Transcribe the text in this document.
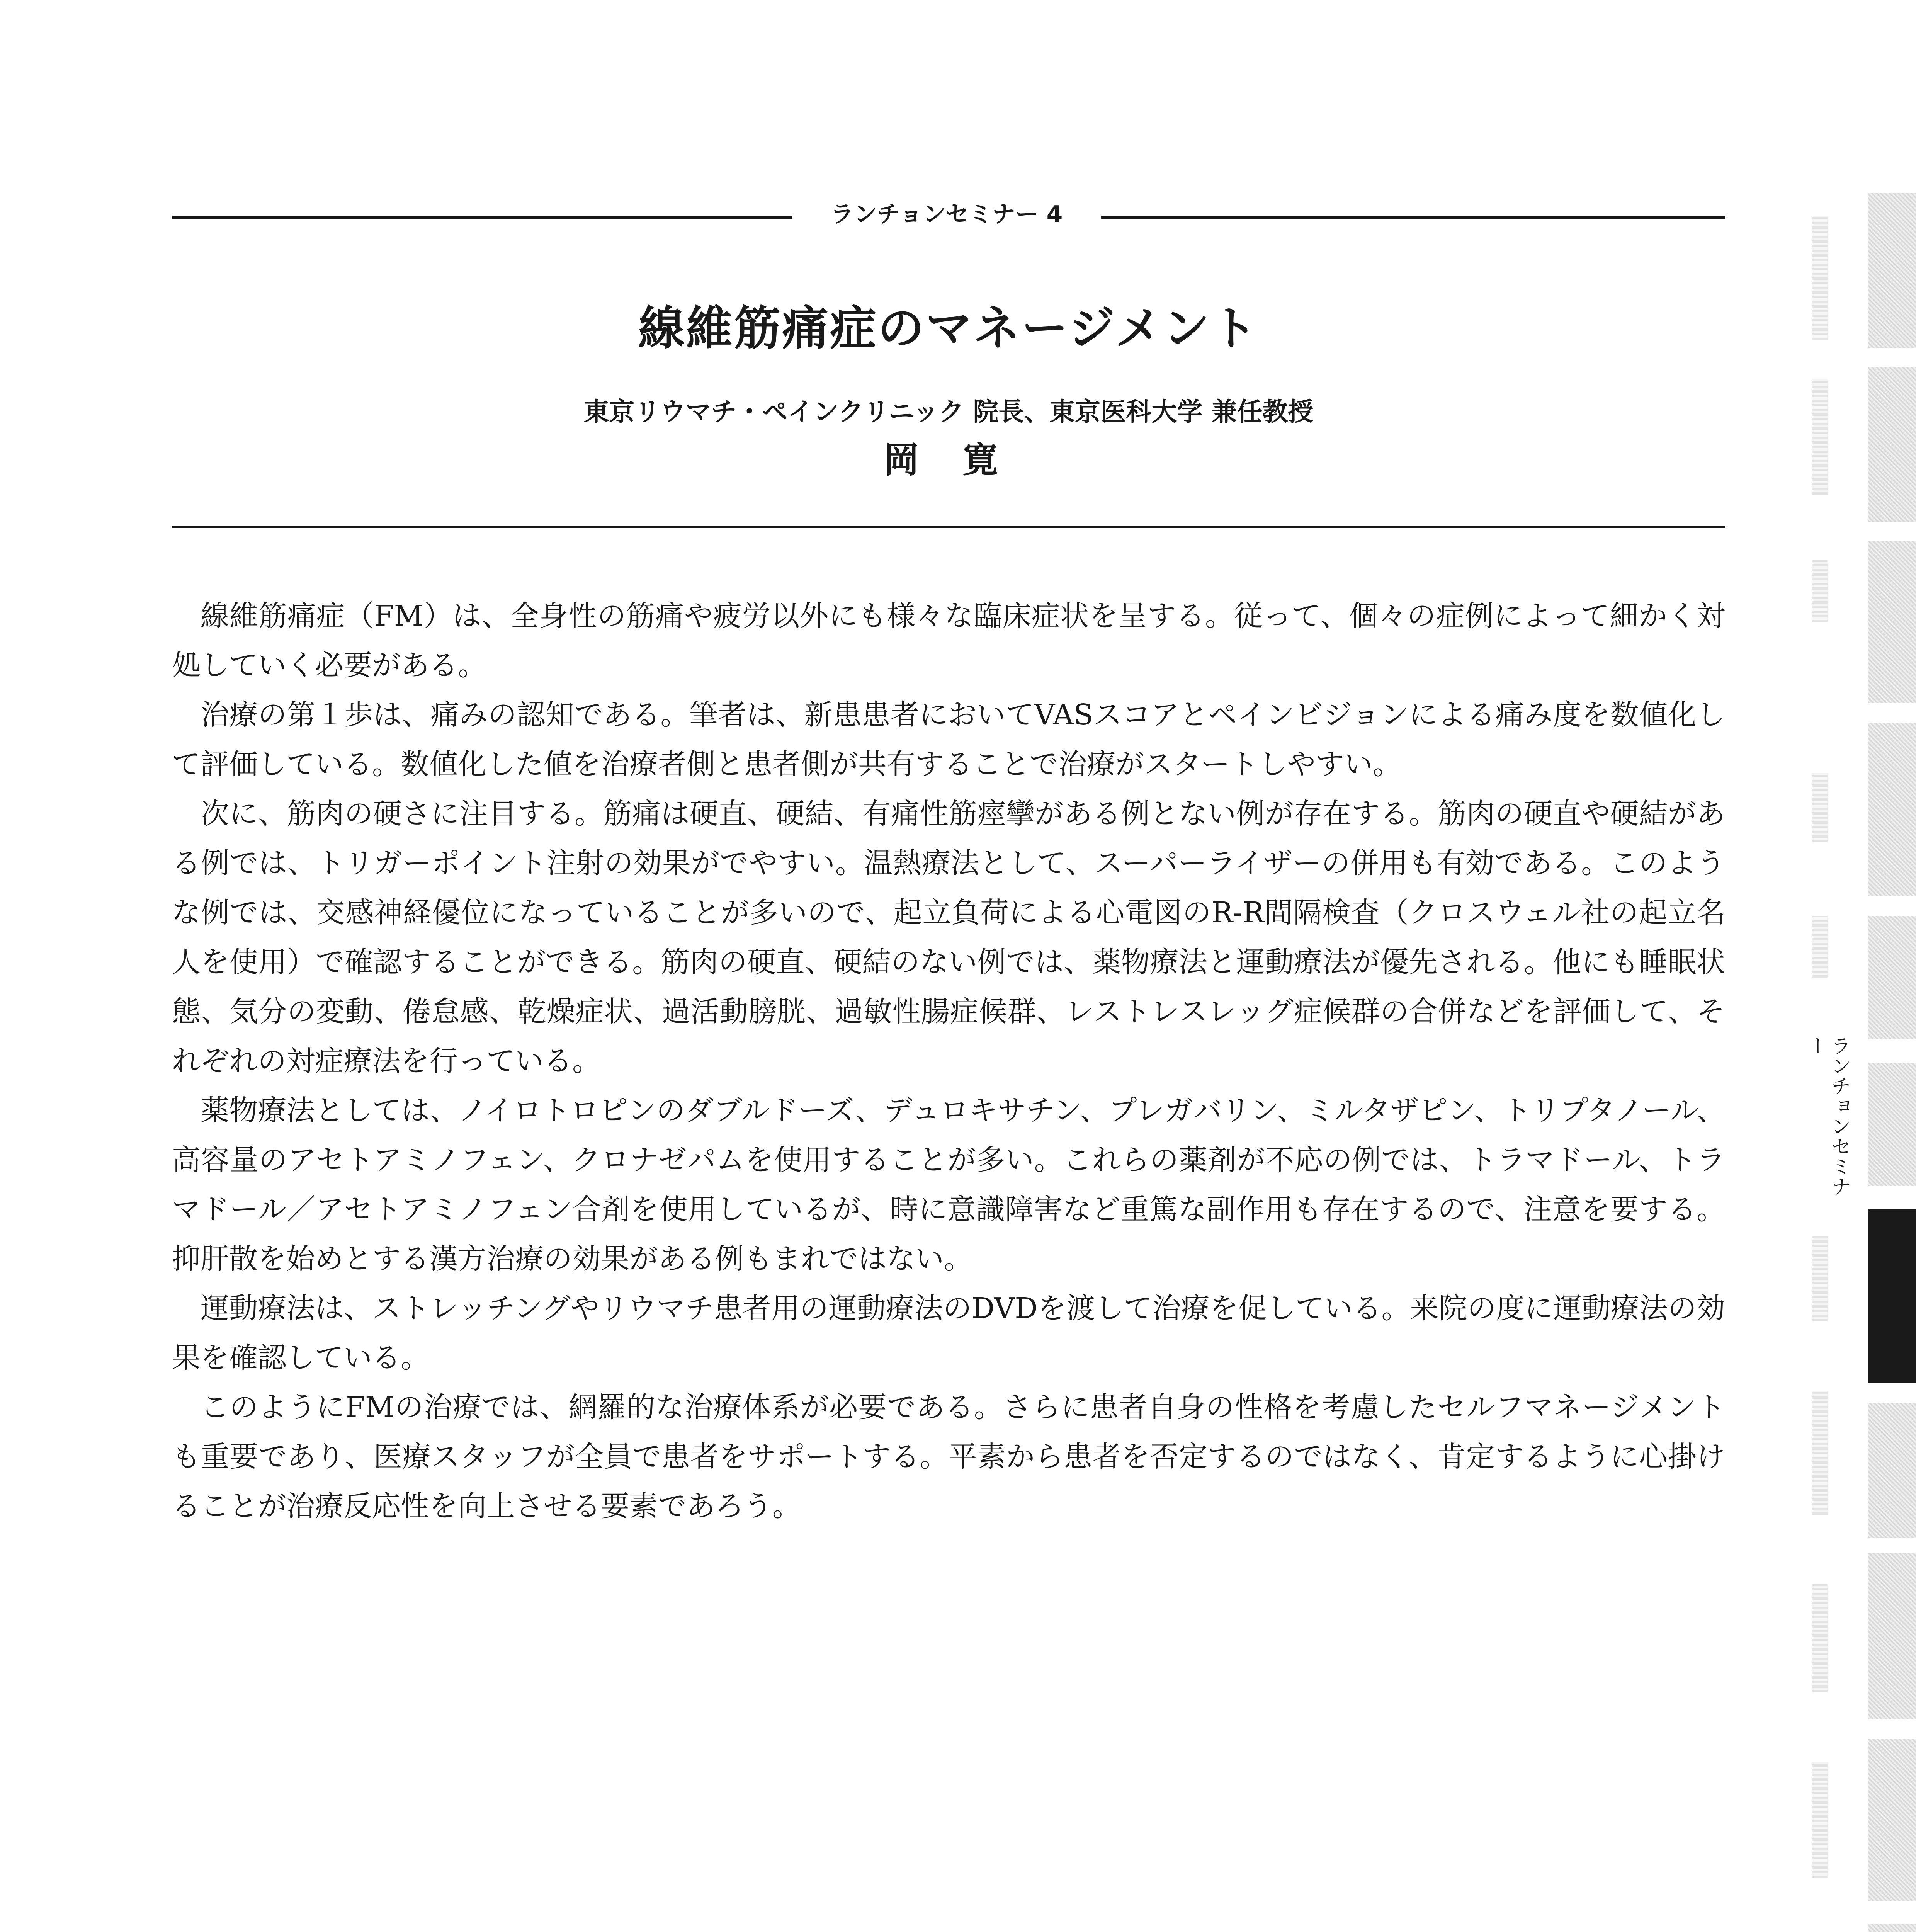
ランチョンセミナー 4
線維筋痛症のマネージメント
東京リウマチ・ペインクリニック 院長、東京医科大学 兼任教授
岡 寛

線維筋痛症（FM）は、全身性の筋痛や疲労以外にも様々な臨床症状を呈する。従って、個々の症例によって細かく対処していく必要がある。

治療の第１歩は、痛みの認知である。筆者は、新患患者においてVASスコアとペインビジョンによる痛み度を数値化して評価している。数値化した値を治療者側と患者側が共有することで治療がスタートしやすい。

次に、筋肉の硬さに注目する。筋痛は硬直、硬結、有痛性筋痙攣がある例とない例が存在する。筋肉の硬直や硬結がある例では、トリガーポイント注射の効果がでやすい。温熱療法として、スーパーライザーの併用も有効である。このような例では、交感神経優位になっていることが多いので、起立負荷による心電図のR-R間隔検査（クロスウェル社の起立名人を使用）で確認することができる。筋肉の硬直、硬結のない例では、薬物療法と運動療法が優先される。他にも睡眠状態、気分の変動、倦怠感、乾燥症状、過活動膀胱、過敏性腸症候群、レストレスレッグ症候群の合併などを評価して、それぞれの対症療法を行っている。

薬物療法としては、ノイロトロピンのダブルドーズ、デュロキサチン、プレガバリン、ミルタザピン、トリプタノール、高容量のアセトアミノフェン、クロナゼパムを使用することが多い。これらの薬剤が不応の例では、トラマドール、トラマドール／アセトアミノフェン合剤を使用しているが、時に意識障害など重篤な副作用も存在するので、注意を要する。抑肝散を始めとする漢方治療の効果がある例もまれではない。

運動療法は、ストレッチングやリウマチ患者用の運動療法のDVDを渡して治療を促している。来院の度に運動療法の効果を確認している。

このようにFMの治療では、網羅的な治療体系が必要である。さらに患者自身の性格を考慮したセルフマネージメントも重要であり、医療スタッフが全員で患者をサポートする。平素から患者を否定するのではなく、肯定するように心掛けることが治療反応性を向上させる要素であろう。

ランチョンセミナー
